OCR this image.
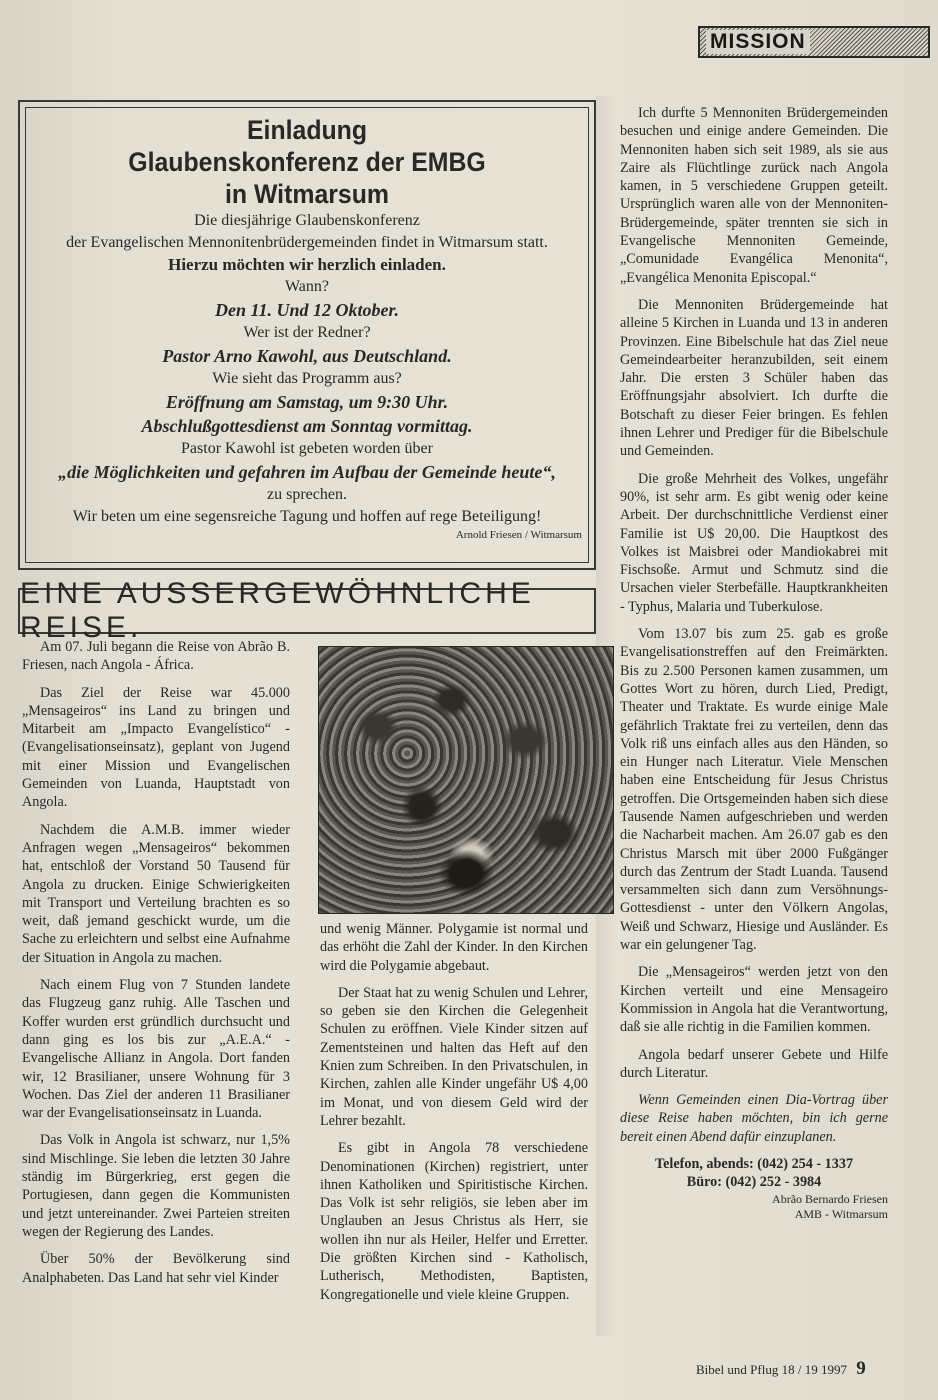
MISSION
Einladung
Glaubenskonferenz der EMBG
in Witmarsum

Die diesjährige Glaubenskonferenz

der Evangelischen Mennonitenbrüdergemeinden findet in Witmarsum statt.

Hierzu möchten wir herzlich einladen.

Wann?

Den 11. Und 12 Oktober.

Wer ist der Redner?

Pastor Arno Kawohl, aus Deutschland.

Wie sieht das Programm aus?

Eröffnung am Samstag, um 9:30 Uhr.

Abschlußgottesdienst am Sonntag vormittag.

Pastor Kawohl ist gebeten worden über

„die Möglichkeiten und gefahren im Aufbau der Gemeinde heute“,

zu sprechen.

Wir beten um eine segensreiche Tagung und hoffen auf rege Beteiligung!

Arnold Friesen / Witmarsum

EINE AUSSERGEWÖHNLICHE REISE.

Am 07. Juli begann die Reise von Abrão B. Friesen, nach Angola - África.

Das Ziel der Reise war 45.000 „Mensageiros“ ins Land zu bringen und Mitarbeit am „Impacto Evangelístico“ - (Evangelisationseinsatz), geplant von Jugend mit einer Mission und Evangelischen Gemeinden von Luanda, Hauptstadt von Angola.

Nachdem die A.M.B. immer wieder Anfragen wegen „Mensageiros“ bekommen hat, entschloß der Vorstand 50 Tausend für Angola zu drucken. Einige Schwierigkeiten mit Transport und Verteilung brachten es so weit, daß jemand geschickt wurde, um die Sache zu erleichtern und selbst eine Aufnahme der Situation in Angola zu machen.

Nach einem Flug von 7 Stunden landete das Flugzeug ganz ruhig. Alle Taschen und Koffer wurden erst gründlich durchsucht und dann ging es los bis zur „A.E.A.“ - Evangelische Allianz in Angola. Dort fanden wir, 12 Brasilianer, unsere Wohnung für 3 Wochen. Das Ziel der anderen 11 Brasilianer war der Evangelisationseinsatz in Luanda.

Das Volk in Angola ist schwarz, nur 1,5% sind Mischlinge. Sie leben die letzten 30 Jahre ständig im Bürgerkrieg, erst gegen die Portugiesen, dann gegen die Kommunisten und jetzt untereinander. Zwei Parteien streiten wegen der Regierung des Landes.

Über 50% der Bevölkerung sind Analphabeten. Das Land hat sehr viel Kinder

und wenig Männer. Polygamie ist normal und das erhöht die Zahl der Kinder. In den Kirchen wird die Polygamie abgebaut.

Der Staat hat zu wenig Schulen und Lehrer, so geben sie den Kirchen die Gelegenheit Schulen zu eröffnen. Viele Kinder sitzen auf Zementsteinen und halten das Heft auf den Knien zum Schreiben. In den Privatschulen, in Kirchen, zahlen alle Kinder ungefähr U$ 4,00 im Monat, und von diesem Geld wird der Lehrer bezahlt.

Es gibt in Angola 78 verschiedene Denominationen (Kirchen) registriert, unter ihnen Katholiken und Spiritistische Kirchen. Das Volk ist sehr religiös, sie leben aber im Unglauben an Jesus Christus als Herr, sie wollen ihn nur als Heiler, Helfer und Erretter. Die größten Kirchen sind - Katholisch, Lutherisch, Methodisten, Baptisten, Kongregationelle und viele kleine Gruppen.

Ich durfte 5 Mennoniten Brüdergemeinden besuchen und einige andere Gemeinden. Die Mennoniten haben sich seit 1989, als sie aus Zaire als Flüchtlinge zurück nach Angola kamen, in 5 verschiedene Gruppen geteilt. Ursprünglich waren alle von der Mennoniten-Brüdergemeinde, später trennten sie sich in Evangelische Mennoniten Gemeinde, „Comunidade Evangélica Menonita“, „Evangélica Menonita Episcopal.“

Die Mennoniten Brüdergemeinde hat alleine 5 Kirchen in Luanda und 13 in anderen Provinzen. Eine Bibelschule hat das Ziel neue Gemeindearbeiter heranzubilden, seit einem Jahr. Die ersten 3 Schüler haben das Eröffnungsjahr absolviert. Ich durfte die Botschaft zu dieser Feier bringen. Es fehlen ihnen Lehrer und Prediger für die Bibelschule und Gemeinden.

Die große Mehrheit des Volkes, ungefähr 90%, ist sehr arm. Es gibt wenig oder keine Arbeit. Der durchschnittliche Verdienst einer Familie ist U$ 20,00. Die Hauptkost des Volkes ist Maisbrei oder Mandiokabrei mit Fischsoße. Armut und Schmutz sind die Ursachen vieler Sterbefälle. Hauptkrankheiten - Typhus, Malaria und Tuberkulose.

Vom 13.07 bis zum 25. gab es große Evangelisationstreffen auf den Freimärkten. Bis zu 2.500 Personen kamen zusammen, um Gottes Wort zu hören, durch Lied, Predigt, Theater und Traktate. Es wurde einige Male gefährlich Traktate frei zu verteilen, denn das Volk riß uns einfach alles aus den Händen, so ein Hunger nach Literatur. Viele Menschen haben eine Entscheidung für Jesus Christus getroffen. Die Ortsgemeinden haben sich diese Tausende Namen aufgeschrieben und werden die Nacharbeit machen. Am 26.07 gab es den Christus Marsch mit über 2000 Fußgänger durch das Zentrum der Stadt Luanda. Tausend versammelten sich dann zum Versöhnungs-Gottesdienst - unter den Völkern Angolas, Weiß und Schwarz, Hiesige und Ausländer. Es war ein gelungener Tag.

Die „Mensageiros“ werden jetzt von den Kirchen verteilt und eine Mensageiro Kommission in Angola hat die Verantwortung, daß sie alle richtig in die Familien kommen.

Angola bedarf unserer Gebete und Hilfe durch Literatur.

Wenn Gemeinden einen Dia-Vortrag über diese Reise haben möchten, bin ich gerne bereit einen Abend dafür einzuplanen.

Telefon, abends: (042) 254 - 1337

Büro: (042) 252 - 3984

Abrão Bernardo Friesen

AMB - Witmarsum

Bibel und Pflug 18 / 19 1997 9
